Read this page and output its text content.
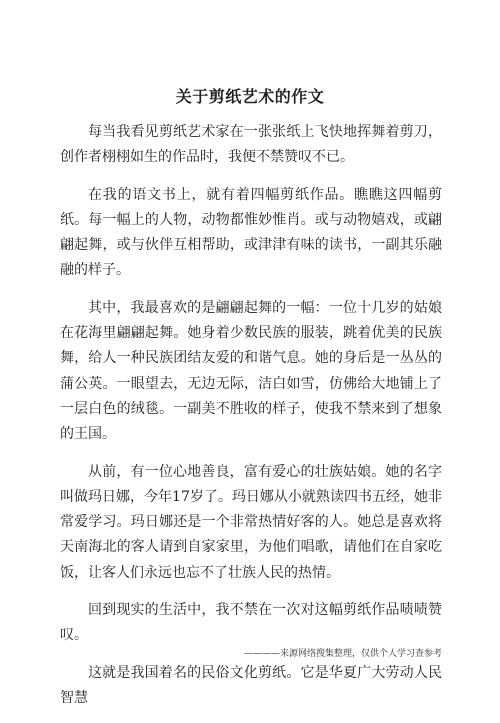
关于剪纸艺术的作文

每当我看见剪纸艺术家在一张张纸上飞快地挥舞着剪刀，创作者栩栩如生的作品时，我便不禁赞叹不已。

在我的语文书上，就有着四幅剪纸作品。瞧瞧这四幅剪纸。每一幅上的人物，动物都惟妙惟肖。或与动物嬉戏，或翩翩起舞，或与伙伴互相帮助，或津津有味的读书，一副其乐融融的样子。

其中，我最喜欢的是翩翩起舞的一幅：一位十几岁的姑娘在花海里翩翩起舞。她身着少数民族的服装，跳着优美的民族舞，给人一种民族团结友爱的和谐气息。她的身后是一丛丛的蒲公英。一眼望去，无边无际，洁白如雪，仿佛给大地铺上了一层白色的绒毯。一副美不胜收的样子，使我不禁来到了想象的王国。

从前，有一位心地善良，富有爱心的壮族姑娘。她的名字叫做玛日娜，今年17岁了。玛日娜从小就熟读四书五经，她非常爱学习。玛日娜还是一个非常热情好客的人。她总是喜欢将天南海北的客人请到自家家里，为他们唱歌，请他们在自家吃饭，让客人们永远也忘不了壮族人民的热情。

回到现实的生活中，我不禁在一次对这幅剪纸作品啧啧赞叹。

这就是我国着名的民俗文化剪纸。它是华夏广大劳动人民智慧

————来源网络搜集整理，仅供个人学习查参考
